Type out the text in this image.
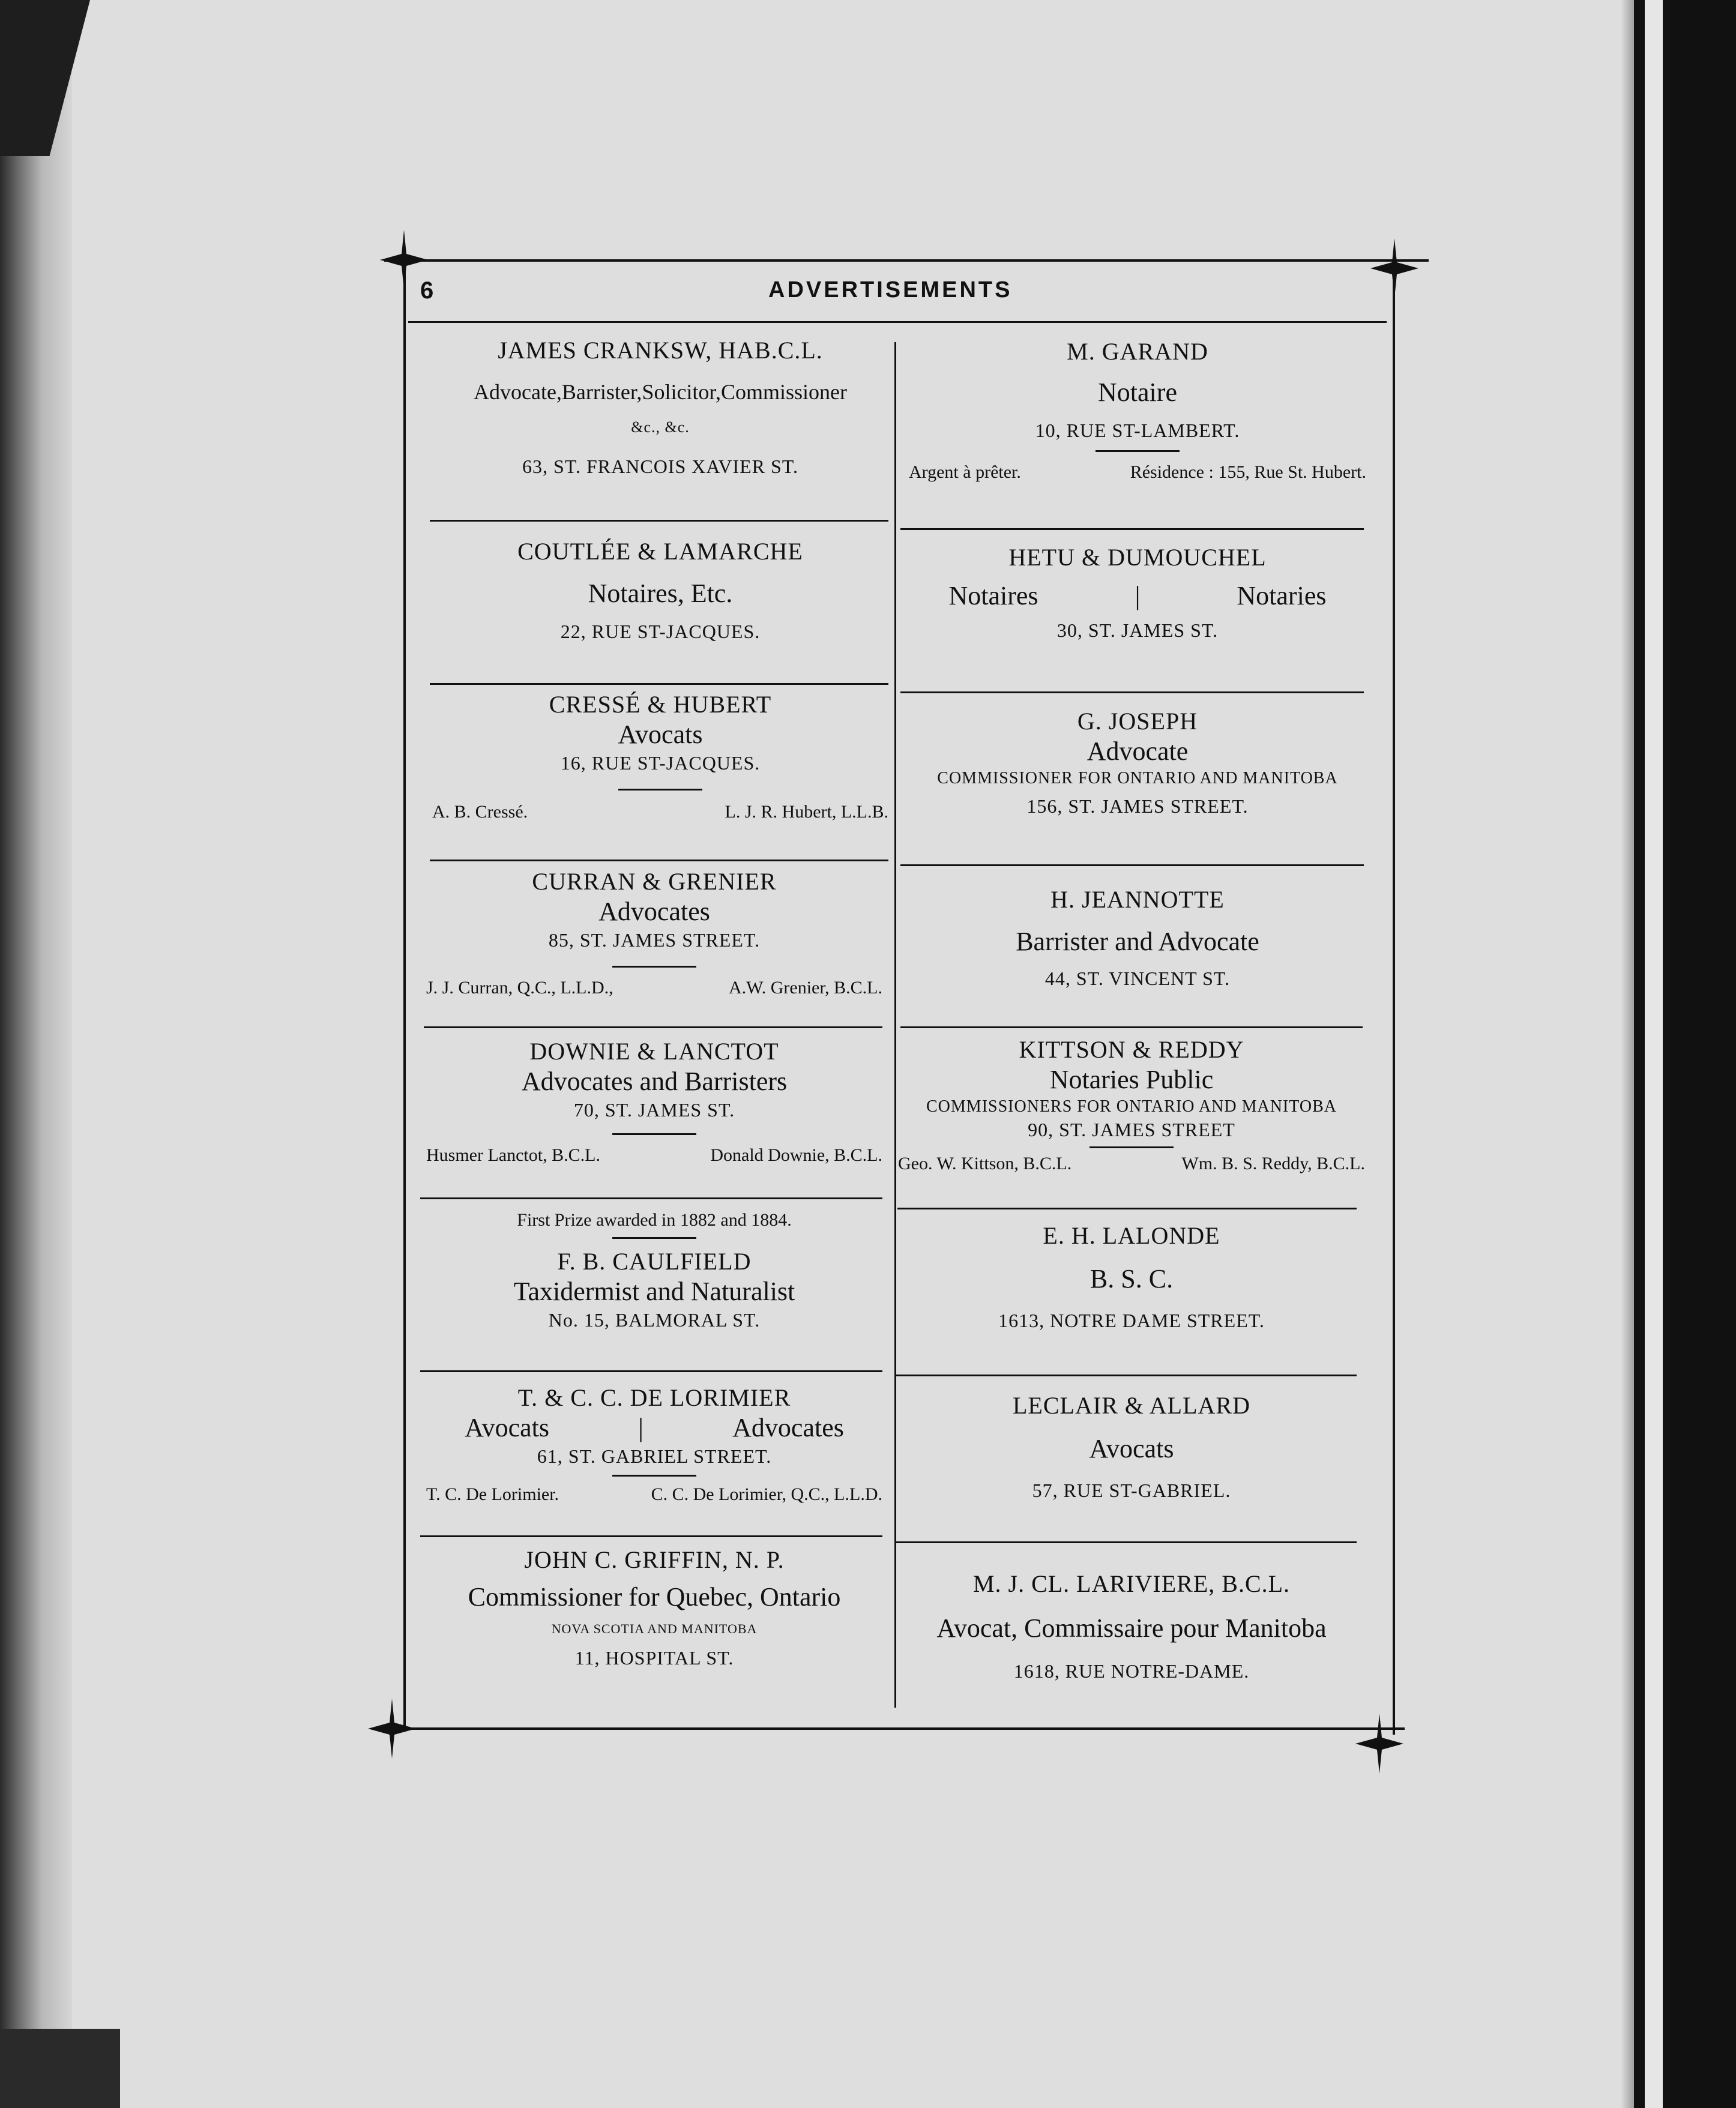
6	ADVERTISEMENTS
JAMES CRANKSW, HAB.C.L.
Advocate,Barrister,Solicitor,Commissioner
&c., &c.
63, ST. FRANCOIS XAVIER ST.
COUTLÉE & LAMARCHE
Notaires, Etc.
22, RUE ST-JACQUES.
CRESSÉ & HUBERT
Avocats
16, RUE ST-JACQUES.
A. B. Cressé.	L. J. R. Hubert, L.L.B.
CURRAN & GRENIER
Advocates
85, ST. JAMES STREET.
J. J. Curran, Q.C., L.L.D.,	A.W. Grenier, B.C.L.
DOWNIE & LANCTOT
Advocates and Barristers
70, ST. JAMES ST.
Husmer Lanctot, B.C.L.	Donald Downie, B.C.L.
First Prize awarded in 1882 and 1884.
F. B. CAULFIELD
Taxidermist and Naturalist
No. 15, BALMORAL ST.
T. & C. C. DE LORIMIER
Avocats	|	Advocates
61, ST. GABRIEL STREET.
T. C. De Lorimier.	C. C. De Lorimier, Q.C., L.L.D.
JOHN C. GRIFFIN, N. P.
Commissioner for Quebec, Ontario
NOVA SCOTIA AND MANITOBA
11, HOSPITAL ST.
M. GARAND
Notaire
10, RUE ST-LAMBERT.
Argent à prêter.	Résidence : 155, Rue St. Hubert.
HETU & DUMOUCHEL
Notaires	|	Notaries
30, ST. JAMES ST.
G. JOSEPH
Advocate
COMMISSIONER FOR ONTARIO AND MANITOBA
156, ST. JAMES STREET.
H. JEANNOTTE
Barrister and Advocate
44, ST. VINCENT ST.
KITTSON & REDDY
Notaries Public
COMMISSIONERS FOR ONTARIO AND MANITOBA
90, ST. JAMES STREET
Geo. W. Kittson, B.C.L.	Wm. B. S. Reddy, B.C.L.
E. H. LALONDE
B. S. C.
1613, NOTRE DAME STREET.
LECLAIR & ALLARD
Avocats
57, RUE ST-GABRIEL.
M. J. CL. LARIVIERE, B.C.L.
Avocat, Commissaire pour Manitoba
1618, RUE NOTRE-DAME.
